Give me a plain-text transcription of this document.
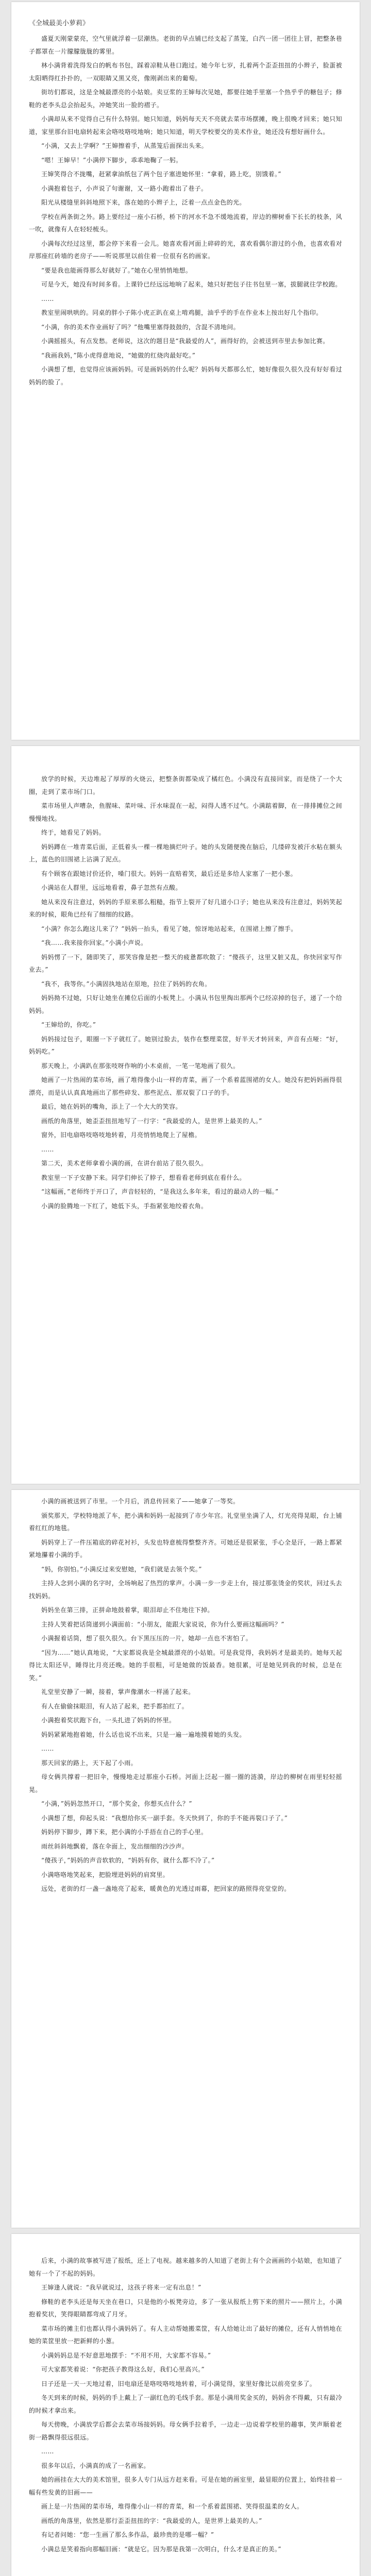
《全城最美小萝莉》

盛夏天刚蒙蒙亮，空气里就浮着一层潮热。老街的早点铺已经支起了蒸笼，白汽一团一团往上冒，把整条巷子都罩在一片朦朦胧胧的雾里。

林小满背着洗得发白的帆布书包，踩着凉鞋从巷口跑过。她今年七岁，扎着两个歪歪扭扭的小辫子，脸蛋被太阳晒得红扑扑的，一双眼睛又黑又亮，像刚剥出来的葡萄。

街坊们都说，这是全城最漂亮的小姑娘。卖豆浆的王婶每次见她，都要往她手里塞一个热乎乎的糖包子；修鞋的老李头总会抬起头，冲她笑出一脸的褶子。

小满却从来不觉得自己有什么特别。她只知道，妈妈每天天不亮就去菜市场摆摊，晚上很晚才回来；她只知道，家里那台旧电扇转起来会咯吱咯吱地响；她只知道，明天学校要交的美术作业，她还没有想好画什么。

“小满，又去上学啊？”王婶擦着手，从蒸笼后面探出头来。

“嗯！王婶早！”小满停下脚步，乖乖地鞠了一躬。

王婶笑得合不拢嘴，赶紧拿油纸包了两个包子塞进她怀里：“拿着，路上吃，别饿着。”

小满抱着包子，小声说了句谢谢，又一路小跑着出了巷子。

阳光从楼缝里斜斜地照下来，落在她的小辫子上，泛着一点点金色的光。

学校在两条街之外。路上要经过一座小石桥，桥下的河水不急不缓地流着，岸边的柳树垂下长长的枝条，风一吹，就像有人在轻轻梳头。

小满每次经过这里，都会停下来看一会儿。她喜欢看河面上碎碎的光，喜欢看偶尔游过的小鱼，也喜欢看对岸那座红砖墙的老房子——听说那里以前住着一位很有名的画家。

“要是我也能画得那么好就好了。”她在心里悄悄地想。

可是今天，她没有时间多看。上课铃已经远远地响了起来，她只好把包子往书包里一塞，拔腿就往学校跑。

……

教室里闹哄哄的。同桌的胖小子陈小虎正趴在桌上啃鸡腿，油乎乎的手在作业本上按出好几个指印。

“小满，你的美术作业画好了吗？”他嘴里塞得鼓鼓的，含混不清地问。

小满摇摇头，有点发愁。老师说，这次的题目是“我最爱的人”，画得好的，会被送到市里去参加比赛。

“我画我妈，”陈小虎得意地说，“她做的红烧肉最好吃。”

小满想了想，也觉得应该画妈妈。可是画妈妈的什么呢？妈妈每天都那么忙，她好像很久很久没有好好看过妈妈的脸了。

放学的时候，天边堆起了厚厚的火烧云，把整条街都染成了橘红色。小满没有直接回家，而是绕了一个大圈，走到了菜市场门口。

菜市场里人声嘈杂，鱼腥味、菜叶味、汗水味混在一起，闷得人透不过气。小满踮着脚，在一排排摊位之间慢慢地找。

终于，她看见了妈妈。

妈妈蹲在一堆青菜后面，正低着头一棵一棵地摘烂叶子。她的头发随便挽在脑后，几缕碎发被汗水粘在额头上，蓝色的旧围裙上沾满了泥点。

有个顾客在跟她讨价还价，嗓门很大。妈妈一直赔着笑，最后还是多给人家塞了一把小葱。

小满站在人群里，远远地看着，鼻子忽然有点酸。

她从来没有注意过，妈妈的手原来那么粗糙，指节上裂开了好几道小口子；她也从来没有注意过，妈妈笑起来的时候，眼角已经有了细细的纹路。

“小满？你怎么跑这儿来了？”妈妈一抬头，看见了她，惊讶地站起来，在围裙上擦了擦手。

“我……我来接你回家。”小满小声说。

妈妈愣了一下，随即笑了，那笑容像是把一整天的疲惫都吹散了：“傻孩子，这里又脏又乱，你快回家写作业去。”

“我不，我等你。”小满固执地站在原地，拉住了妈妈的衣角。

妈妈拗不过她，只好让她坐在摊位后面的小板凳上。小满从书包里掏出那两个已经凉掉的包子，递了一个给妈妈。

“王婶给的，你吃。”

妈妈接过包子，眼圈一下子就红了。她别过脸去，装作在整理菜筐，好半天才转回来，声音有点哑：“好，妈妈吃。”

那天晚上，小满趴在那张吱呀作响的小木桌前，一笔一笔地画了很久。

她画了一片热闹的菜市场，画了堆得像小山一样的青菜，画了一个系着蓝围裙的女人。她没有把妈妈画得很漂亮，而是认认真真地画出了那些碎发、那些泥点、那双裂了口子的手。

最后，她在妈妈的嘴角，添上了一个大大的笑容。

画纸的角落里，她歪歪扭扭地写了一行字：“我最爱的人，是世界上最美的人。”

窗外，旧电扇咯吱咯吱地转着，月亮悄悄地爬上了屋檐。

……

第二天，美术老师拿着小满的画，在讲台前站了很久很久。

教室里一下子安静下来。同学们伸长了脖子，想看看老师到底在看什么。

“这幅画，”老师终于开口了，声音轻轻的，“是我这么多年来，看过的最动人的一幅。”

小满的脸腾地一下红了，她低下头，手指紧张地绞着衣角。

小满的画被送到了市里。一个月后，消息传回来了——她拿了一等奖。

颁奖那天，学校特地派了车，把小满和妈妈一起接到了市少年宫。礼堂里坐满了人，灯光亮得晃眼，台上铺着红红的地毯。

妈妈穿上了一件压箱底的碎花衬衫，头发也特意梳得整整齐齐。可她还是很紧张，手心全是汗，一路上都紧紧地攥着小满的手。

“妈，你别怕。”小满反过来安慰她，“我们就是去领个奖。”

主持人念到小满的名字时，全场响起了热烈的掌声。小满一步一步走上台，接过那张烫金的奖状，回过头去找妈妈。

妈妈坐在第三排，正拼命地鼓着掌，眼泪却止不住地往下掉。

主持人笑着把话筒递到小满面前：“小朋友，能跟大家说说，你为什么要画这幅画吗？”

小满握着话筒，想了很久很久。台下黑压压的一片，她却一点也不害怕了。

“因为……”她认真地说，“大家都说我是全城最漂亮的小姑娘。可是我觉得，我妈妈才是最美的。她每天起得比太阳还早，睡得比月亮还晚。她的手很粗，可是她做的饭最香。她很累，可是她见到我的时候，总是在笑。”

礼堂里安静了一瞬，接着，掌声像潮水一样涌了起来。

有人在偷偷抹眼泪，有人站了起来，把手都拍红了。

小满抱着奖状跑下台，一头扎进了妈妈的怀里。

妈妈紧紧地抱着她，什么话也说不出来，只是一遍一遍地摸着她的头发。

……

那天回家的路上，天下起了小雨。

母女俩共撑着一把旧伞，慢慢地走过那座小石桥。河面上泛起一圈一圈的涟漪，岸边的柳树在雨里轻轻摇晃。

“小满，”妈妈忽然开口，“那个奖金，你想买点什么？”

小满想了想，仰起头说：“我想给你买一副手套。冬天快到了，你的手不能再裂口子了。”

妈妈停下脚步，蹲下来，把小满的小手捂在自己的手心里。

雨丝斜斜地飘着，落在伞面上，发出细细的沙沙声。

“傻孩子，”妈妈的声音软软的，“妈妈有你，就什么都不冷了。”

小满咯咯地笑起来，把脸埋进妈妈的肩窝里。

远处，老街的灯一盏一盏地亮了起来，暖黄色的光透过雨幕，把回家的路照得亮堂堂的。

后来，小满的故事被写进了报纸，还上了电视。越来越多的人知道了老街上有个会画画的小姑娘，也知道了她有一个了不起的妈妈。

王婶逢人就说：“我早就说过，这孩子将来一定有出息！”

修鞋的老李头还是每天坐在巷口，只是他的小板凳旁边，多了一张从报纸上剪下来的照片——照片上，小满抱着奖状，笑得眼睛都弯成了月牙。

菜市场的摊主们也都认得小满妈妈了。有人主动帮她搬菜筐，有人给她让出了最好的摊位，还有人悄悄地在她的菜筐里放一把新鲜的小葱。

小满妈妈总是不好意思地摆手：“不用不用，大家都不容易。”

可大家都笑着说：“你把孩子教得这么好，我们心里高兴。”

日子还是一天一天地过着，旧电扇还是咯吱咯吱地转着，可小满觉得，家里好像比以前亮堂多了。

冬天到来的时候，妈妈的手上戴上了一副红色的毛线手套。那是小满用奖金买的，妈妈舍不得戴，只有最冷的时候才拿出来。

每天傍晚，小满放学后都会去菜市场接妈妈。母女俩手拉着手，一边走一边说着学校里的趣事，笑声顺着老街一路飘得很远很远。

……

很多年以后，小满真的成了一名画家。

她的画挂在大大的美术馆里，很多人专门从远方赶来看。可是在她的画室里，最显眼的位置上，始终挂着一幅有些发黄的旧画——

画上是一片热闹的菜市场，堆得像小山一样的青菜，和一个系着蓝围裙、笑得很温柔的女人。

画纸的角落里，依然是那行歪歪扭扭的字：“我最爱的人，是世界上最美的人。”

有记者问她：“您一生画了那么多作品，最珍贵的是哪一幅？”

小满总是笑着指向那幅旧画：“就是它。因为那是我第一次明白，什么才是真正的美。”
